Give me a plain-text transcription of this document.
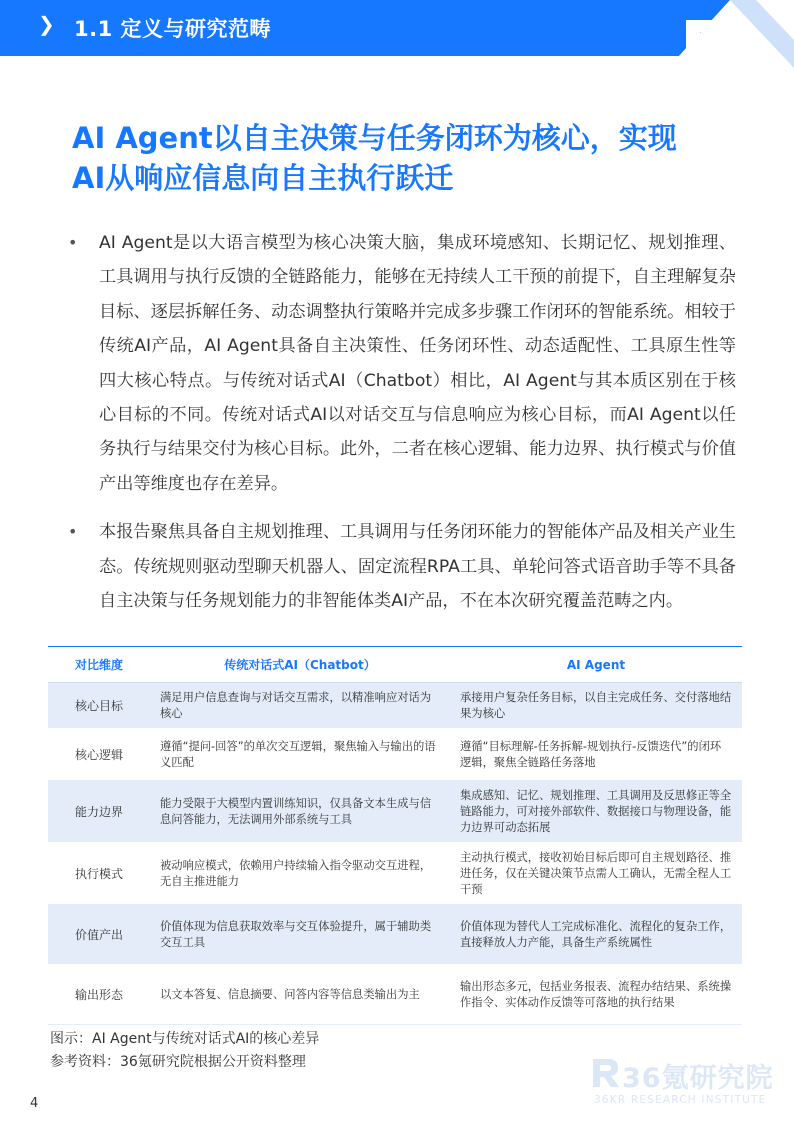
❯ 1.1 定义与研究范畴
AI Agent以自主决策与任务闭环为核心，实现
AI从响应信息向自主执行跃迁
• AI Agent是以大语言模型为核心决策大脑，集成环境感知、长期记忆、规划推理、工具调用与执行反馈的全链路能力，能够在无持续人工干预的前提下，自主理解复杂目标、逐层拆解任务、动态调整执行策略并完成多步骤工作闭环的智能系统。相较于传统AI产品，AI Agent具备自主决策性、任务闭环性、动态适配性、工具原生性等四大核心特点。与传统对话式AI（Chatbot）相比，AI Agent与其本质区别在于核心目标的不同。传统对话式AI以对话交互与信息响应为核心目标，而AI Agent以任务执行与结果交付为核心目标。此外，二者在核心逻辑、能力边界、执行模式与价值产出等维度也存在差异。
• 本报告聚焦具备自主规划推理、工具调用与任务闭环能力的智能体产品及相关产业生态。传统规则驱动型聊天机器人、固定流程RPA工具、单轮问答式语音助手等不具备自主决策与任务规划能力的非智能体类AI产品，不在本次研究覆盖范畴之内。
对比维度	传统对话式AI（Chatbot）	AI Agent
核心目标	满足用户信息查询与对话交互需求，以精准响应对话为核心	承接用户复杂任务目标，以自主完成任务、交付落地结果为核心
核心逻辑	遵循“提问-回答”的单次交互逻辑，聚焦输入与输出的语义匹配	遵循“目标理解-任务拆解-规划执行-反馈迭代”的闭环逻辑，聚焦全链路任务落地
能力边界	能力受限于大模型内置训练知识，仅具备文本生成与信息问答能力，无法调用外部系统与工具	集成感知、记忆、规划推理、工具调用及反思修正等全链路能力，可对接外部软件、数据接口与物理设备，能力边界可动态拓展
执行模式	被动响应模式，依赖用户持续输入指令驱动交互进程，无自主推进能力	主动执行模式，接收初始目标后即可自主规划路径、推进任务，仅在关键决策节点需人工确认，无需全程人工干预
价值产出	价值体现为信息获取效率与交互体验提升，属于辅助类交互工具	价值体现为替代人工完成标准化、流程化的复杂工作，直接释放人力产能，具备生产系统属性
输出形态	以文本答复、信息摘要、问答内容等信息类输出为主	输出形态多元，包括业务报表、流程办结结果、系统操作指令、实体动作反馈等可落地的执行结果
图示：AI Agent与传统对话式AI的核心差异
参考资料：36氪研究院根据公开资料整理
36氪研究院
36KR RESEARCH INSTITUTE
4
